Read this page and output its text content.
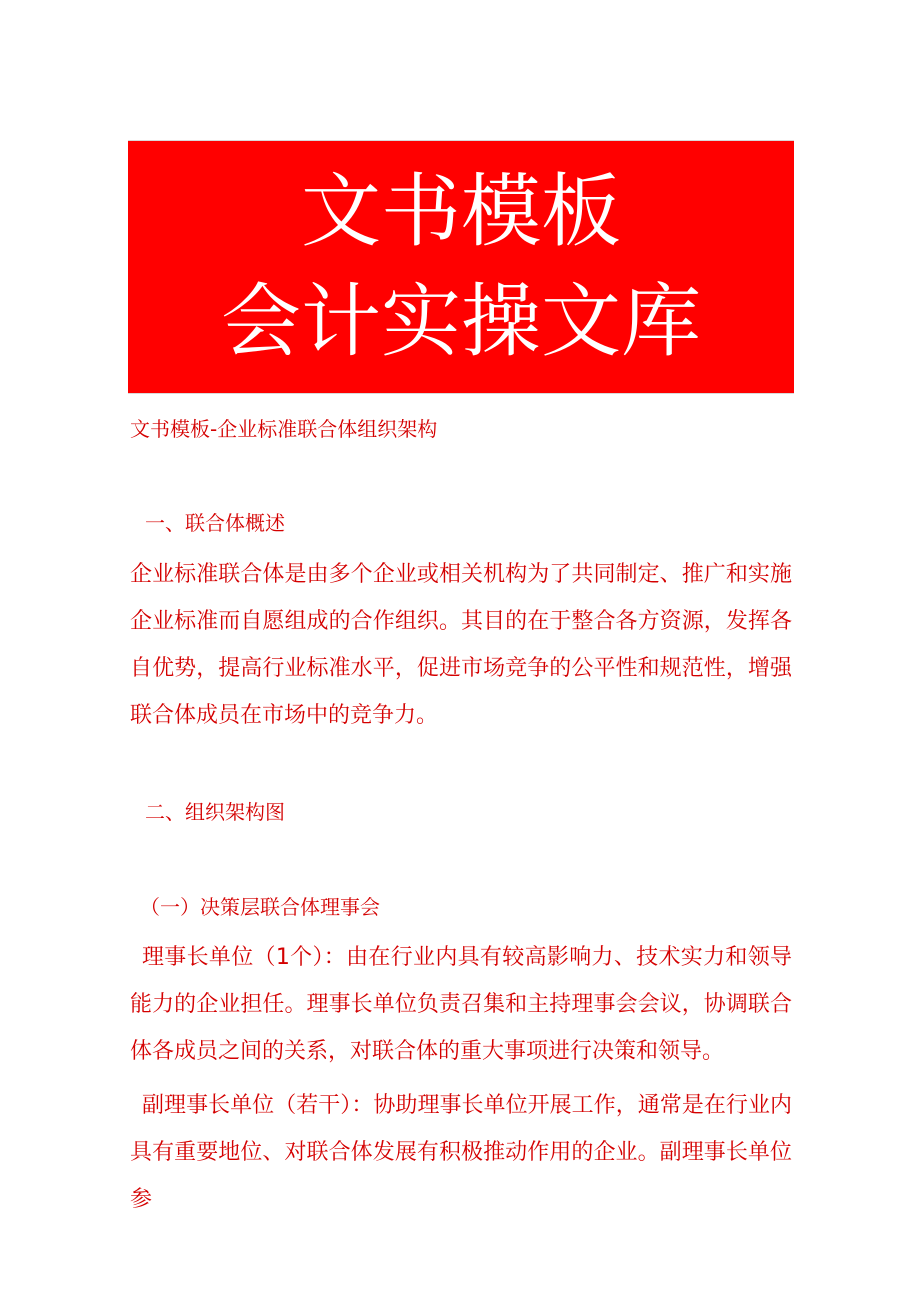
文书模板
会计实操文库
文书模板-企业标准联合体组织架构
一、联合体概述

企业标准联合体是由多个企业或相关机构为了共同制定、推广和实施企业标准而自愿组成的合作组织。其目的在于整合各方资源，发挥各自优势，提高行业标准水平，促进市场竞争的公平性和规范性，增强联合体成员在市场中的竞争力。

二、组织架构图
（一）决策层联合体理事会

理事长单位（1个）：由在行业内具有较高影响力、技术实力和领导能力的企业担任。理事长单位负责召集和主持理事会会议，协调联合体各成员之间的关系，对联合体的重大事项进行决策和领导。

副理事长单位（若干）：协助理事长单位开展工作，通常是在行业内具有重要地位、对联合体发展有积极推动作用的企业。副理事长单位参
